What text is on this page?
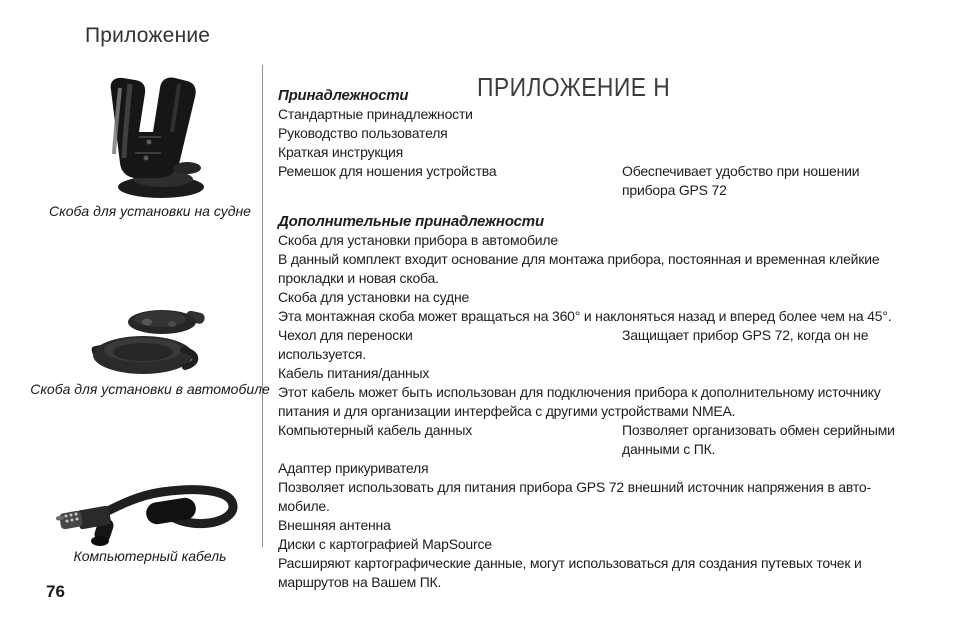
Приложение
Скоба для установки на судне
Скоба для установки в автомобиле
Компьютерный кабель
ПРИЛОЖЕНИЕ H
Принадлежности
Стандартные принадлежности
Руководство пользователя
Краткая инструкция
Ремешок для ношения устройства	Обеспечивает удобство при ношении
прибора GPS 72
Дополнительные принадлежности
Скоба для установки прибора в автомобиле
В данный комплект входит основание для монтажа прибора, постоянная и временная клейкие
прокладки и новая скоба.
Скоба для установки на судне
Эта монтажная скоба может вращаться на 360° и наклоняться назад и вперед более чем на 45°.
Чехол для переноски	Защищает прибор GPS 72, когда он не
используется.
Кабель питания/данных
Этот кабель может быть использован для подключения прибора к дополнительному источнику
питания и для организации интерфейса с другими устройствами NMEA.
Компьютерный кабель данных	Позволяет организовать обмен серийными
данными с ПК.
Адаптер прикуривателя
Позволяет использовать для питания прибора GPS 72 внешний источник напряжения в авто-
мобиле.
Внешняя антенна
Диски с картографией MapSource
Расширяют картографические данные, могут использоваться для создания путевых точек и
маршрутов на Вашем ПК.
76
